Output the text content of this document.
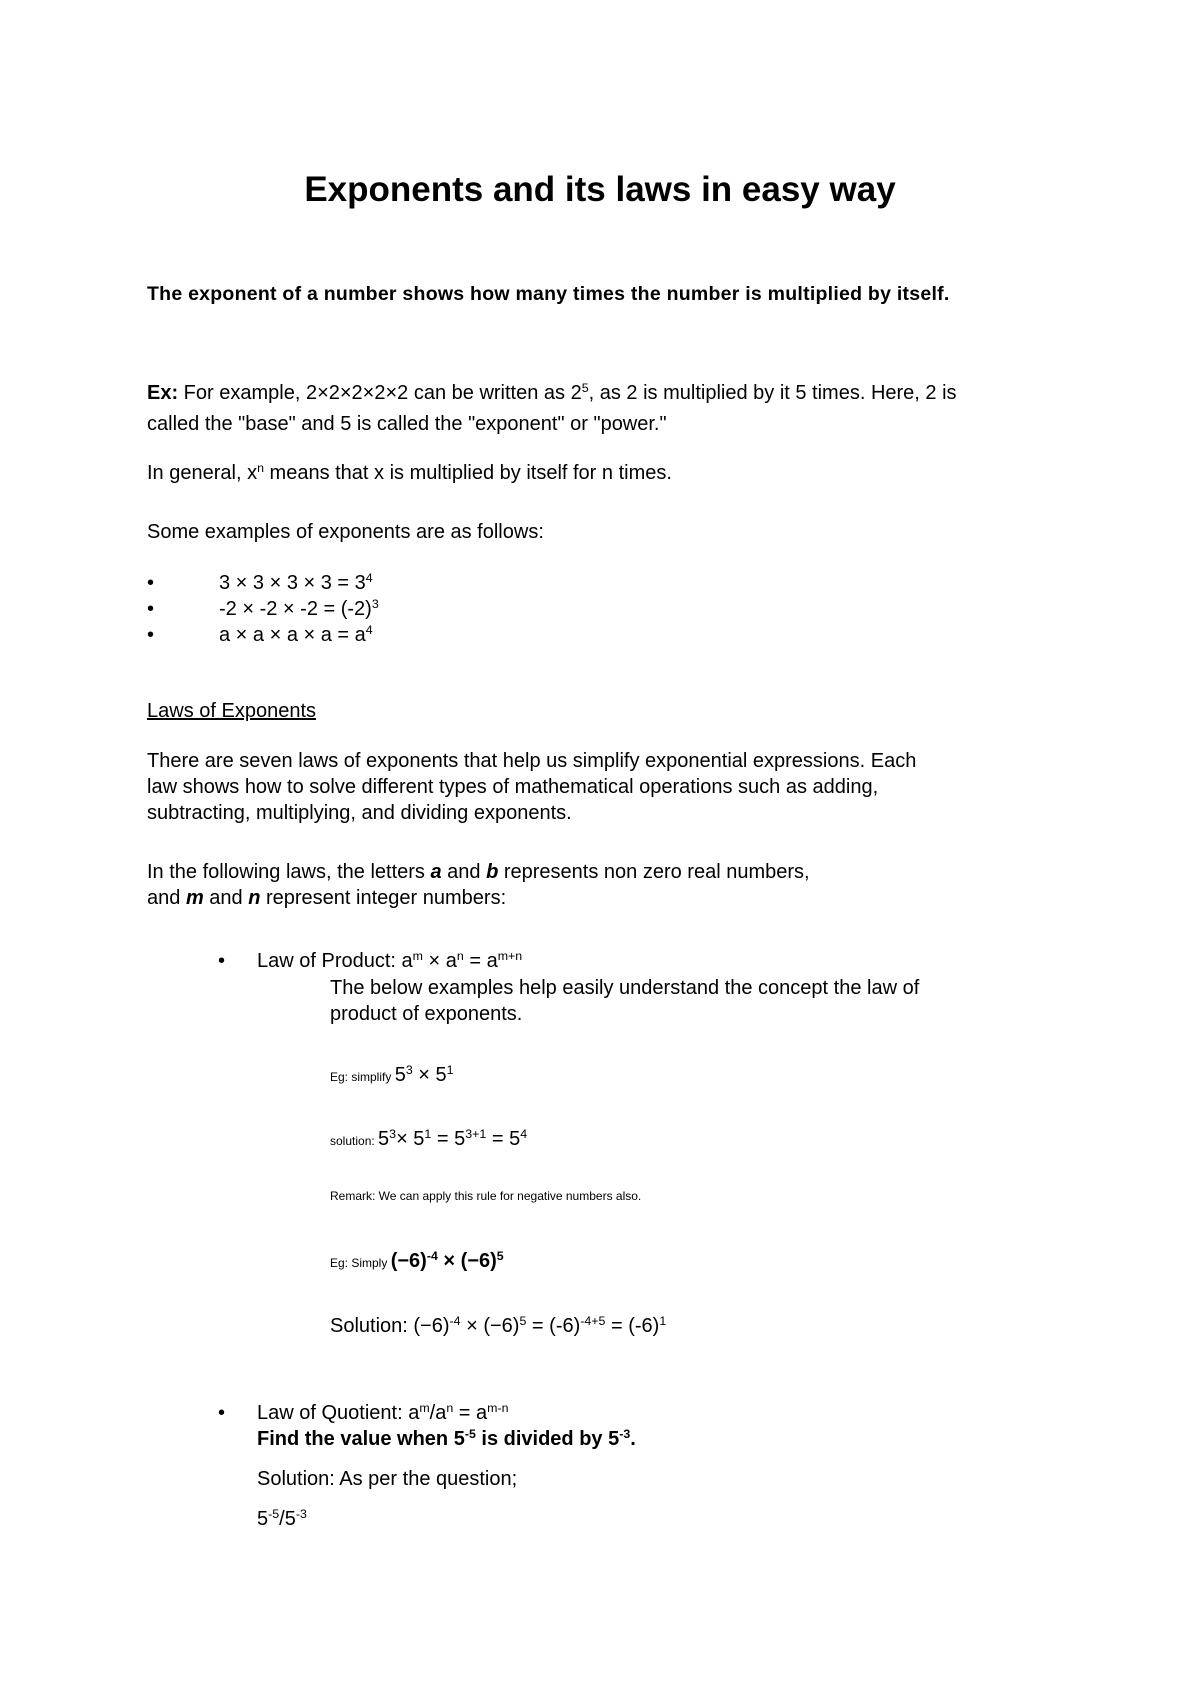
Exponents and its laws in easy way
The exponent of a number shows how many times the number is multiplied by itself.
Ex: For example, 2×2×2×2×2 can be written as $2^5$, as 2 is multiplied by it 5 times. Here, 2 is
called the "base" and 5 is called the "exponent" or "power."
In general, $x^n$ means that x is multiplied by itself for n times.
Some examples of exponents are as follows:
•	$3 \times 3 \times 3 \times 3 = 3^4$
•	$-2 \times -2 \times -2 = (-2)^3$
•	$a \times a \times a \times a = a^4$
Laws of Exponents
There are seven laws of exponents that help us simplify exponential expressions. Each
law shows how to solve different types of mathematical operations such as adding,
subtracting, multiplying, and dividing exponents.
In the following laws, the letters a and b represents non zero real numbers,
and m and n represent integer numbers:
• Law of Product: $a^m \times a^n = a^{m+n}$
The below examples help easily understand the concept the law of
product of exponents.
Eg: simplify $5^3 \times 5^1$
solution: $5^3\times 5^1 = 5^{3+1} = 5^4$
Remark: We can apply this rule for negative numbers also.
Eg: Simply $(-6)^{-4} \times (-6)^5$
Solution: $(-6)^{-4} \times (-6)^5 = (-6)^{-4+5} = (-6)^1$
• Law of Quotient: $a^m/a^n = a^{m-n}$
Find the value when $5^{-5}$ is divided by $5^{-3}$.
Solution: As per the question;
$5^{-5}/5^{-3}$
